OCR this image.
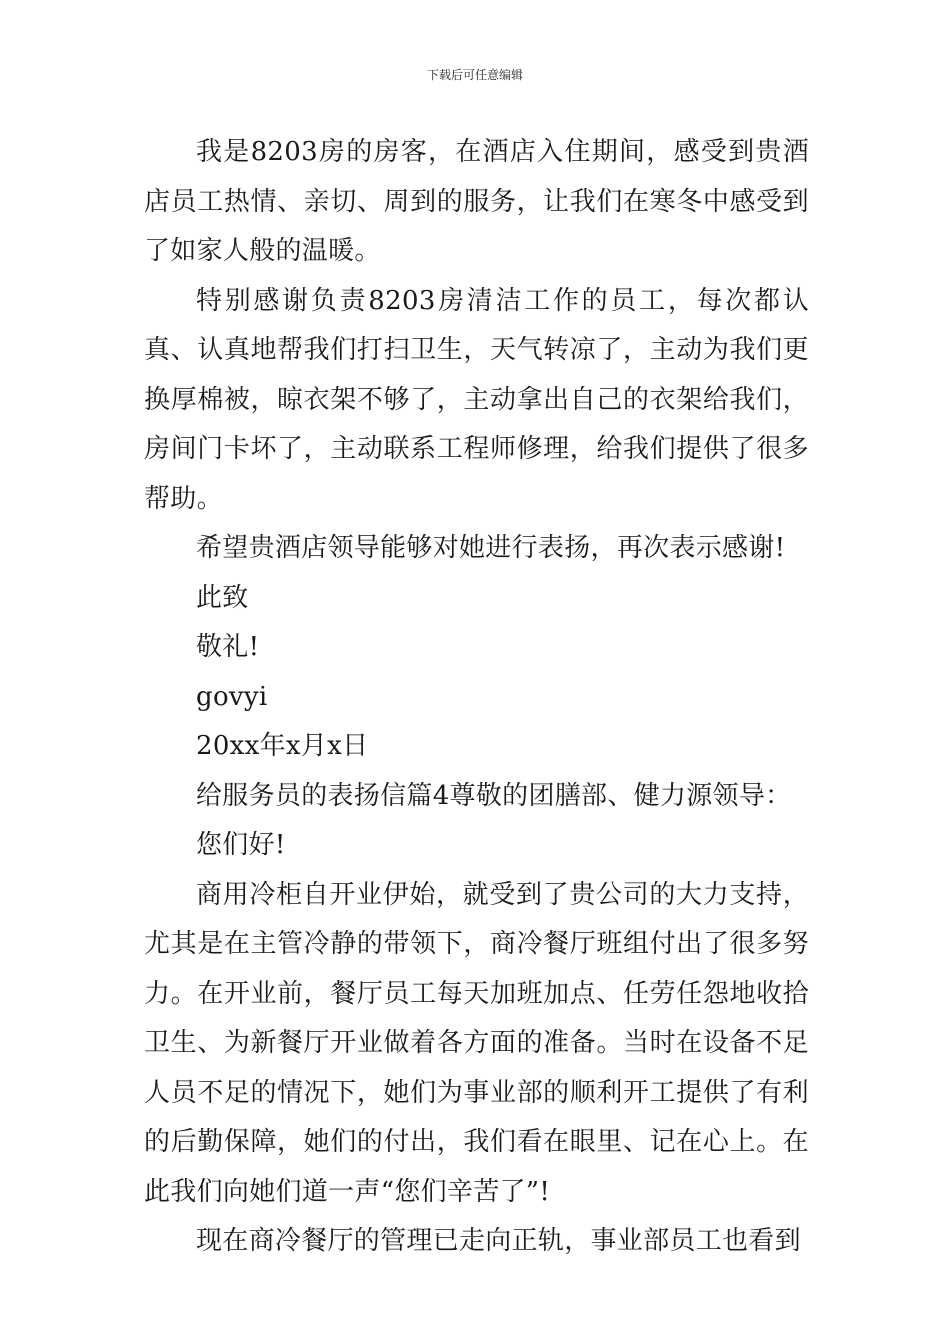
下载后可任意编辑

我是8203房的房客，在酒店入住期间，感受到贵酒店员工热情、亲切、周到的服务，让我们在寒冬中感受到了如家人般的温暖。

特别感谢负责8203房清洁工作的员工，每次都认真、认真地帮我们打扫卫生，天气转凉了，主动为我们更换厚棉被，晾衣架不够了，主动拿出自己的衣架给我们，房间门卡坏了，主动联系工程师修理，给我们提供了很多帮助。

希望贵酒店领导能够对她进行表扬，再次表示感谢!

此致

敬礼!

govyi

20xx年x月x日

给服务员的表扬信篇4尊敬的团膳部、健力源领导：

您们好!

商用冷柜自开业伊始，就受到了贵公司的大力支持，尤其是在主管冷静的带领下，商冷餐厅班组付出了很多努力。在开业前，餐厅员工每天加班加点、任劳任怨地收拾卫生、为新餐厅开业做着各方面的准备。当时在设备不足人员不足的情况下，她们为事业部的顺利开工提供了有利的后勤保障，她们的付出，我们看在眼里、记在心上。在此我们向她们道一声“您们辛苦了”!

现在商冷餐厅的管理已走向正轨，事业部员工也看到
